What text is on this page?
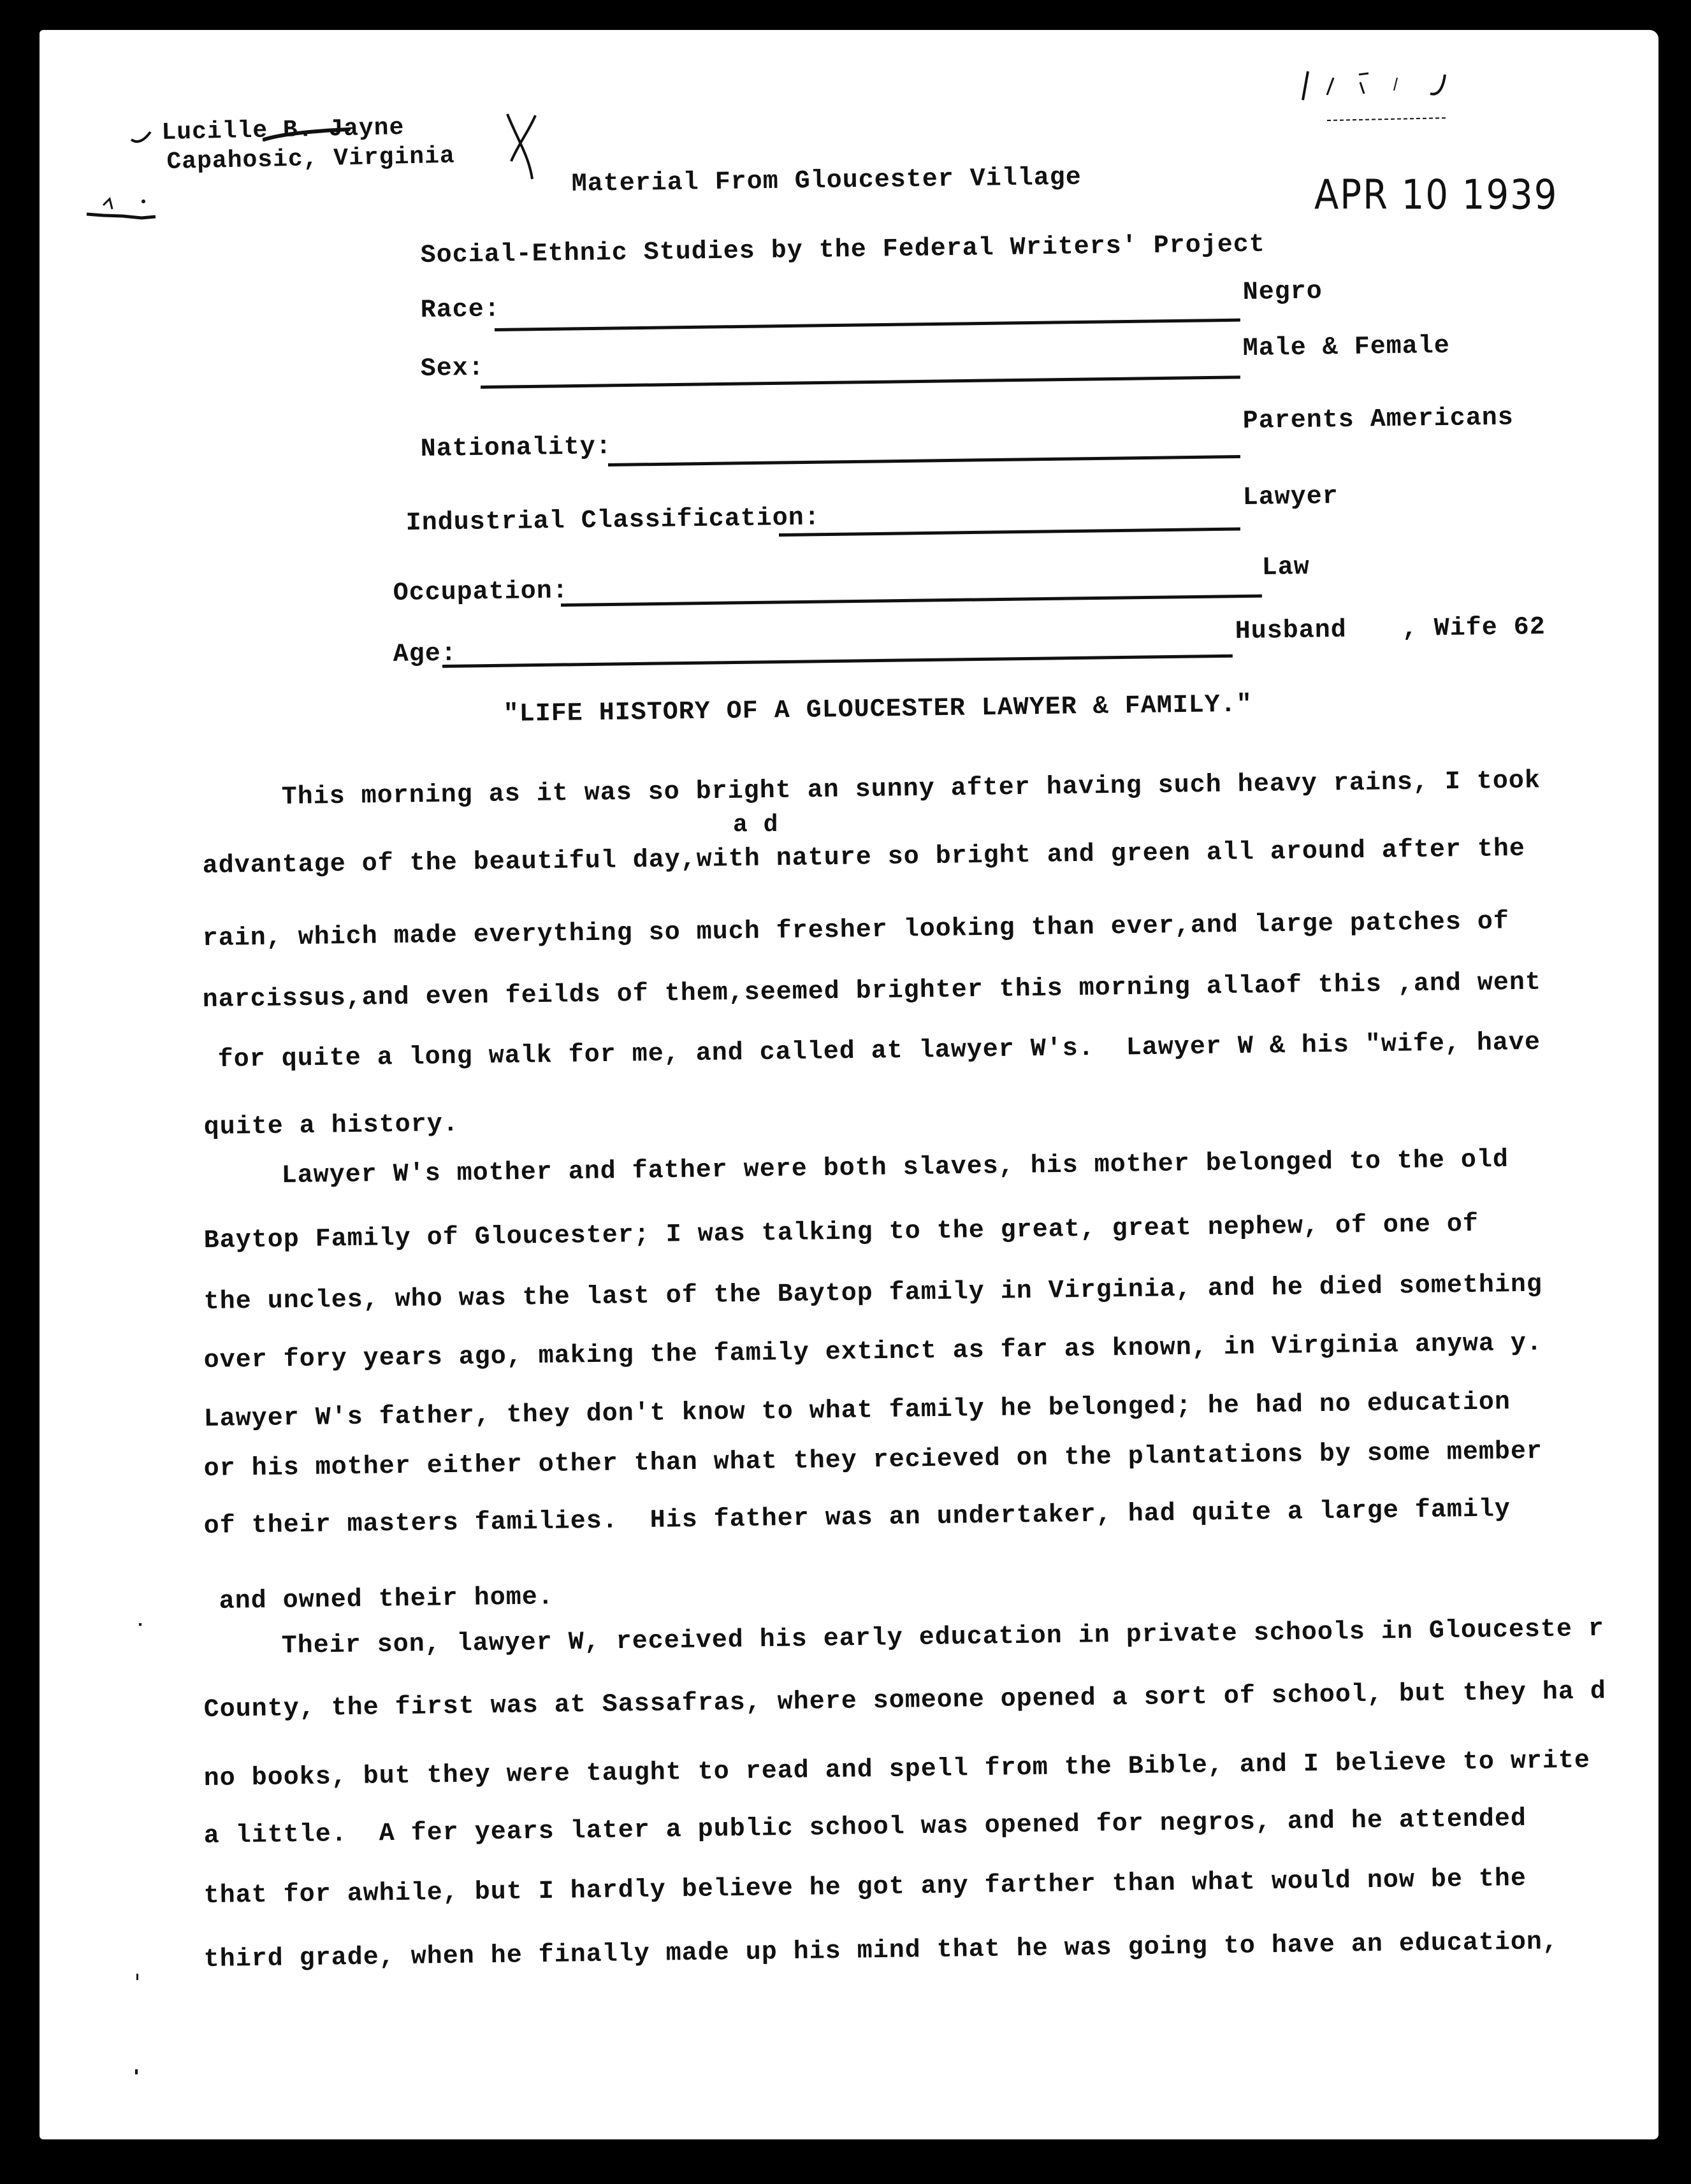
Lucille B. Jayne
Capahosic, Virginia
Material From Gloucester Village	APR 10 1939
Social-Ethnic Studies by the Federal Writers' Project
Race:
Negro
Sex:
Male & Female
Nationality:
Parents Americans
Industrial Classification:
Lawyer
Occupation:
Law
Age:
Husband , Wife 62
"LIFE HISTORY OF A GLOUCESTER LAWYER & FAMILY."
a d
This morning as it was so bright an sunny after having such heavy rains, I took
advantage of the beautiful day,with nature so bright and green all around after the
rain, which made everything so much fresher looking than ever,and large patches of
narcissus,and even feilds of them,seemed brighter this morning allaof this ,and went
for quite a long walk for me, and called at lawyer W's.  Lawyer W & his "wife, have
quite a history.
Lawyer W's mother and father were both slaves, his mother belonged to the old
Baytop Family of Gloucester; I was talking to the great, great nephew, of one of
the uncles, who was the last of the Baytop family in Virginia, and he died something
over fory years ago, making the family extinct as far as known, in Virginia anywa y.
Lawyer W's father, they don't know to what family he belonged; he had no education
or his mother either other than what they recieved on the plantations by some member
of their masters families.  His father was an undertaker, had quite a large family
and owned their home.
Their son, lawyer W, received his early education in private schools in Glouceste r
County, the first was at Sassafras, where someone opened a sort of school, but they ha d
no books, but they were taught to read and spell from the Bible, and I believe to write
a little.  A fer years later a public school was opened for negros, and he attended
that for awhile, but I hardly believe he got any farther than what would now be the
third grade, when he finally made up his mind that he was going to have an education,
